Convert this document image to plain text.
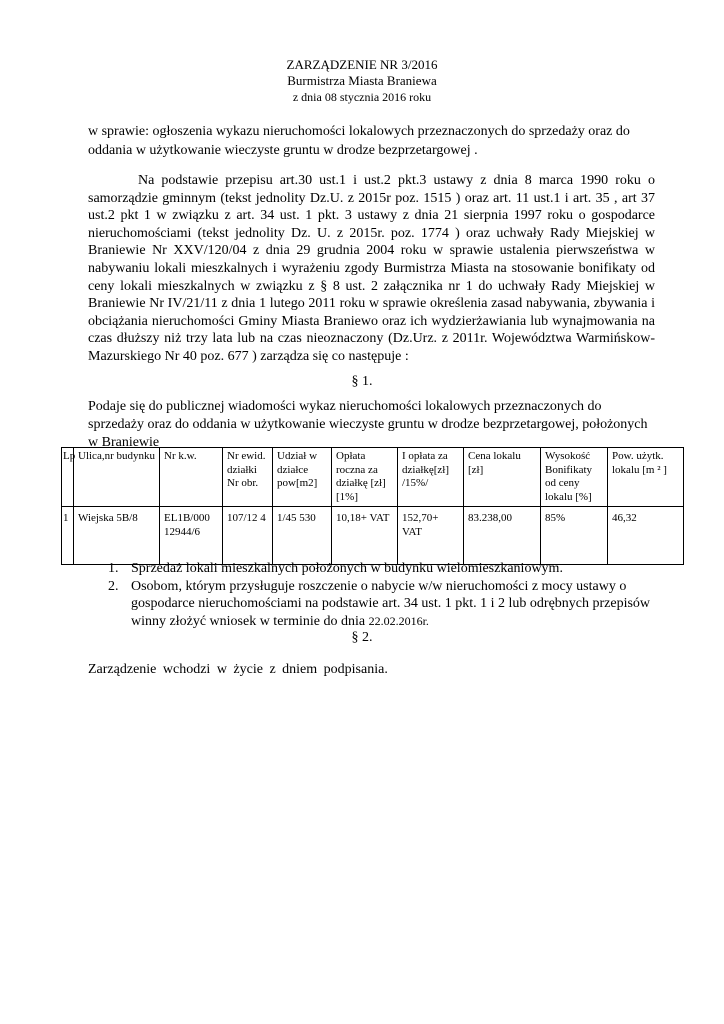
ZARZĄDZENIE NR 3/2016
Burmistrza Miasta Braniewa
z dnia 08 stycznia 2016 roku
w sprawie: ogłoszenia wykazu nieruchomości lokalowych przeznaczonych do sprzedaży oraz do oddania w użytkowanie wieczyste gruntu w drodze bezprzetargowej .
Na podstawie przepisu art.30 ust.1 i ust.2 pkt.3 ustawy z dnia 8 marca 1990 roku o samorządzie gminnym (tekst jednolity Dz.U. z 2015r poz. 1515 ) oraz art. 11 ust.1 i art. 35 , art 37 ust.2 pkt 1 w związku z art. 34 ust. 1 pkt. 3 ustawy z dnia 21 sierpnia 1997 roku o gospodarce nieruchomościami (tekst jednolity Dz. U. z 2015r. poz. 1774 ) oraz uchwały Rady Miejskiej w Braniewie Nr XXV/120/04 z dnia 29 grudnia 2004 roku w sprawie ustalenia pierwszeństwa w nabywaniu lokali mieszkalnych i wyrażeniu zgody Burmistrza Miasta na stosowanie bonifikaty od ceny lokali mieszkalnych w związku z § 8 ust. 2 załącznika nr 1 do uchwały Rady Miejskiej w Braniewie Nr IV/21/11 z dnia 1 lutego 2011 roku w sprawie określenia zasad nabywania, zbywania i obciążania nieruchomości Gminy Miasta Braniewo oraz ich wydzierżawiania lub wynajmowania na czas dłuższy niż trzy lata lub na czas nieoznaczony (Dz.Urz. z 2011r. Województwa Warmińskow-Mazurskiego Nr 40 poz. 677 ) zarządza się co następuje :
§ 1.
Podaje się do publicznej wiadomości wykaz nieruchomości lokalowych przeznaczonych do sprzedaży oraz do oddania w użytkowanie wieczyste gruntu w drodze bezprzetargowej, położonych w Braniewie
Lp	Ulica,nr budynku	Nr k.w.	Nr ewid. działki Nr obr.	Udział w działce pow[m2]	Opłata roczna za działkę [zł] [1%]	I opłata za działkę[zł] /15%/	Cena lokalu [zł]	Wysokość Bonifikaty od ceny lokalu [%]	Pow. użytk. lokalu [m ² ]
1	Wiejska 5B/8	EL1B/000 12944/6	107/12 4	1/45 530	10,18+ VAT	152,70+ VAT	83.238,00	85%	46,32
1. Sprzedaż lokali mieszkalnych położonych w budynku wielomieszkaniowym.
2. Osobom, którym przysługuje roszczenie o nabycie w/w nieruchomości z mocy ustawy o gospodarce nieruchomościami na podstawie art. 34 ust. 1 pkt. 1 i 2 lub odrębnych przepisów winny złożyć wniosek w terminie do dnia 22.02.2016r.
§ 2.
Zarządzenie wchodzi w życie z dniem podpisania.
